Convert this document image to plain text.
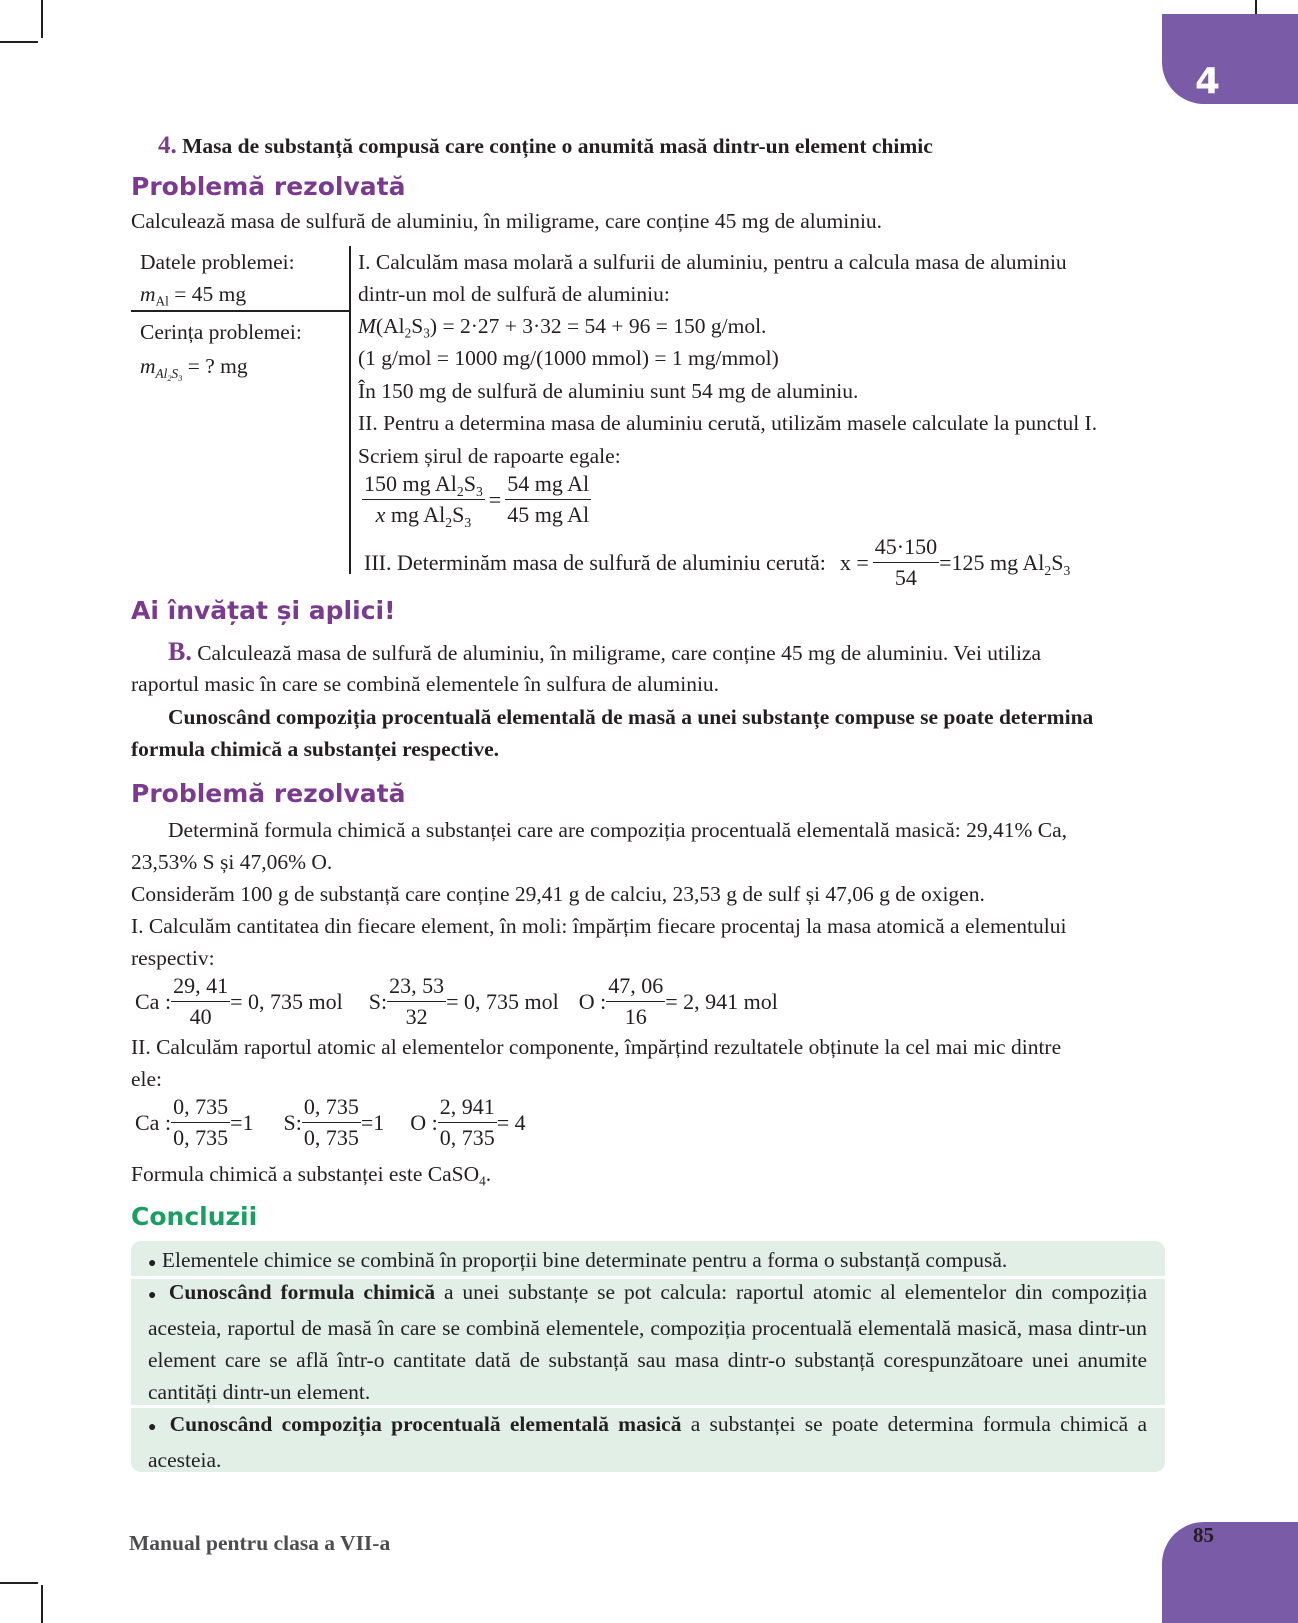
4
4. Masa de substanță compusă care conține o anumită masă dintr-un element chimic
Problemă rezolvată
Calculează masa de sulfură de aluminiu, în miligrame, care conține 45 mg de aluminiu.
Datele problemei:
$m_{Al} = 45$ mg
Cerința problemei:
$m_{Al_2S_3}$ = ? mg
I. Calculăm masa molară a sulfurii de aluminiu, pentru a calcula masa de aluminiu
dintr-un mol de sulfură de aluminiu:
$M(Al_2S_3) = 2\cdot 27 + 3\cdot 32 = 54 + 96 = 150$ g/mol.
(1 g/mol = 1000 mg/(1000 mmol) = 1 mg/mmol)
În 150 mg de sulfură de aluminiu sunt 54 mg de aluminiu.
II. Pentru a determina masa de aluminiu cerută, utilizăm masele calculate la punctul I.
Scriem șirul de rapoarte egale:
$\frac{150 mg Al_2S_3}{x mg Al_2S_3} = \frac{\text{54 mg Al}}{\text{45 mg Al}}$
III. Determinăm masa de sulfură de aluminiu cerută: $x = \frac{45\cdot 150}{54} =125$ mg $Al_2S_3$
Ai învățat și aplici!
B. Calculează masa de sulfură de aluminiu, în miligrame, care conține 45 mg de aluminiu. Vei utiliza
raportul masic în care se combină elementele în sulfura de aluminiu.
Cunoscând compoziția procentuală elementală de masă a unei substanțe compuse se poate determina
formula chimică a substanței respective.
Problemă rezolvată
Determină formula chimică a substanței care are compoziția procentuală elementală masică: 29,41% Ca,
23,53% S și 47,06% O.
Considerăm 100 g de substanță care conține 29,41 g de calciu, 23,53 g de sulf și 47,06 g de oxigen.
I. Calculăm cantitatea din fiecare element, în moli: împărțim fiecare procentaj la masa atomică a elementului
respectiv:
Ca : $\frac{29, 41}{40} = 0$, 735 mol S: $\frac{23, 53}{32} = 0$, 735 mol O : $\frac{47, 06}{16} = 2$, 941 mol
II. Calculăm raportul atomic al elementelor componente, împărțind rezultatele obținute la cel mai mic dintre
ele:
Ca : $\frac{0, 735}{0, 735} =1$ S: $\frac{0, 735}{0, 735} =1$ O : $\frac{2, 941}{0, 735} = 4$
Formula chimică a substanței este CaSO$_4$.
Concluzii
● Elementele chimice se combină în proporții bine determinate pentru a forma o substanță compusă.
● Cunoscând formula chimică a unei substanțe se pot calcula: raportul atomic al elementelor din compoziția acesteia, raportul de masă în care se combină elementele, compoziția procentuală elementală masică, masa dintr-un element care se află într-o cantitate dată de substanță sau masa dintr-o substanță corespunzătoare unei anumite cantități dintr-un element.
● Cunoscând compoziția procentuală elementală masică a substanței se poate determina formula chimică a acesteia.
Manual pentru clasa a VII-a	85
